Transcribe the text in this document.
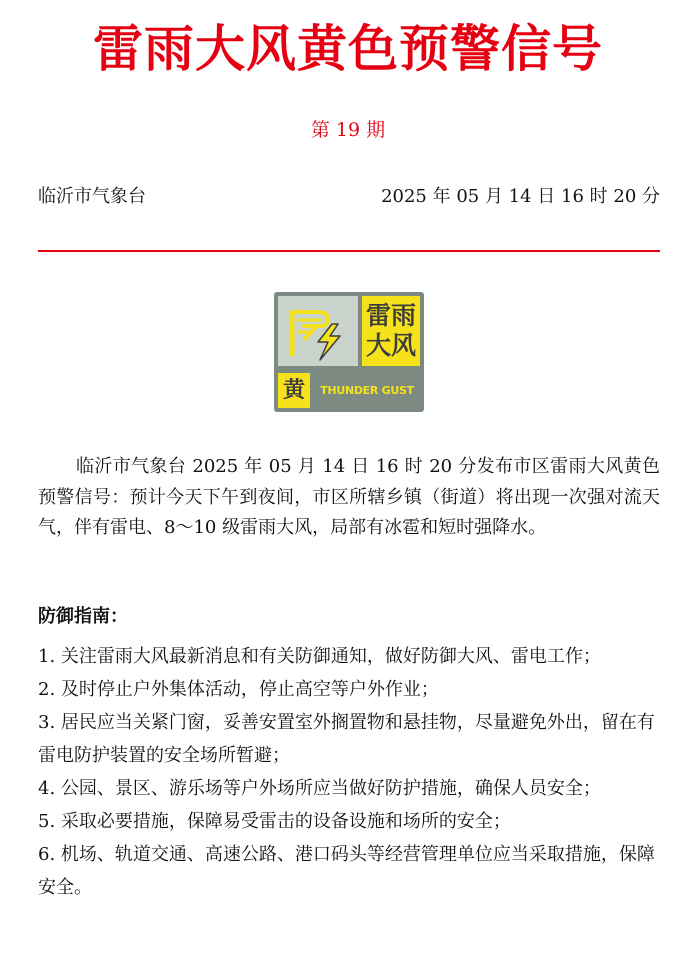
雷雨大风黄色预警信号
第 19 期
临沂市气象台	2025 年 05 月 14 日 16 时 20 分
雷雨
大风
黄	THUNDER GUST
临沂市气象台 2025 年 05 月 14 日 16 时 20 分发布市区雷雨大风黄色预警信号：预计今天下午到夜间，市区所辖乡镇（街道）将出现一次强对流天气，伴有雷电、8～10 级雷雨大风，局部有冰雹和短时强降水。
防御指南：
1. 关注雷雨大风最新消息和有关防御通知，做好防御大风、雷电工作；
2. 及时停止户外集体活动，停止高空等户外作业；
3. 居民应当关紧门窗，妥善安置室外搁置物和悬挂物，尽量避免外出，留在有雷电防护装置的安全场所暂避；
4. 公园、景区、游乐场等户外场所应当做好防护措施，确保人员安全；
5. 采取必要措施，保障易受雷击的设备设施和场所的安全；
6. 机场、轨道交通、高速公路、港口码头等经营管理单位应当采取措施，保障安全。
